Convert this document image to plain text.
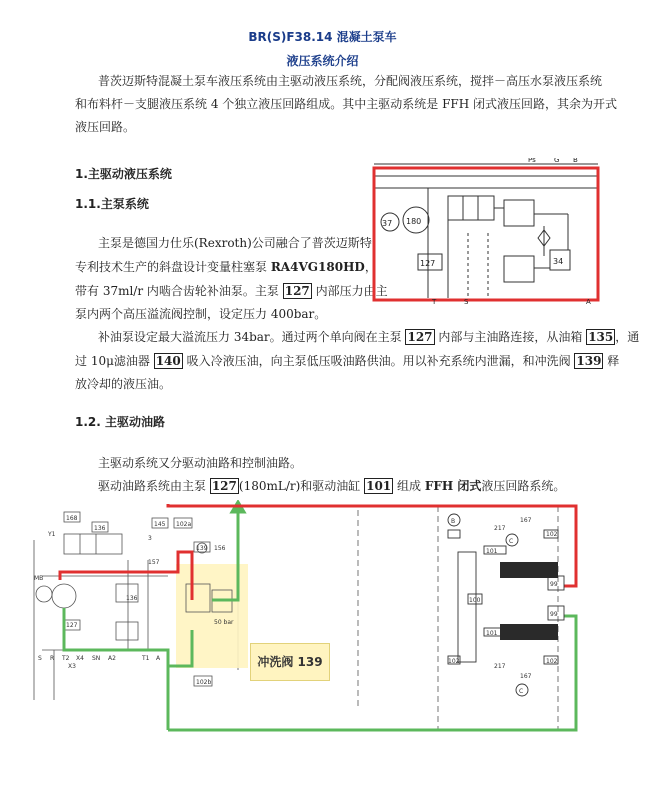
BR(S)F38.14 混凝土泵车
液压系统介绍
普茨迈斯特混凝土泵车液压系统由主驱动液压系统，分配阀液压系统，搅拌－高压水泵液压系统
和布料杆－支腿液压系统 4 个独立液压回路组成。其中主驱动系统是 FFH 闭式液压回路，其余为开式
液压回路。
1.主驱动液压系统
1.1.主泵系统
主泵是德国力仕乐(Rexroth)公司融合了普茨迈斯特
专利技术生产的斜盘设计变量柱塞泵 RA4VG180HD，
带有 37ml/r 内啮合齿轮补油泵。主泵 127 内部压力由主
泵内两个高压溢流阀控制，设定压力 400bar。
补油泵设定最大溢流压力 34bar。通过两个单向阀在主泵 127 内部与主油路连接，从油箱 135 ，通
过 10μ滤油器 140 吸入冷液压油，向主泵低压吸油路供油。用以补充系统内泄漏，和冲洗阀 139 释
放冷却的液压油。
1.2. 主驱动油路
主驱动系统又分驱动油路和控制油路。
驱动油路系统由主泵 127 (180mL/r)和驱动油缸 101 组成 FFH 闭式液压回路系统。
37 180
127	34
Ps	G B
T	S	A
168
136
145 102a
139 156
136
50 bar
127
102b
Y1
S R T2 X4 SN A2	T1 A
X3
MB
3
157
B	167
C
102
101
99
100
101
99
102
217
167
C
102
217
冲洗阀 139
